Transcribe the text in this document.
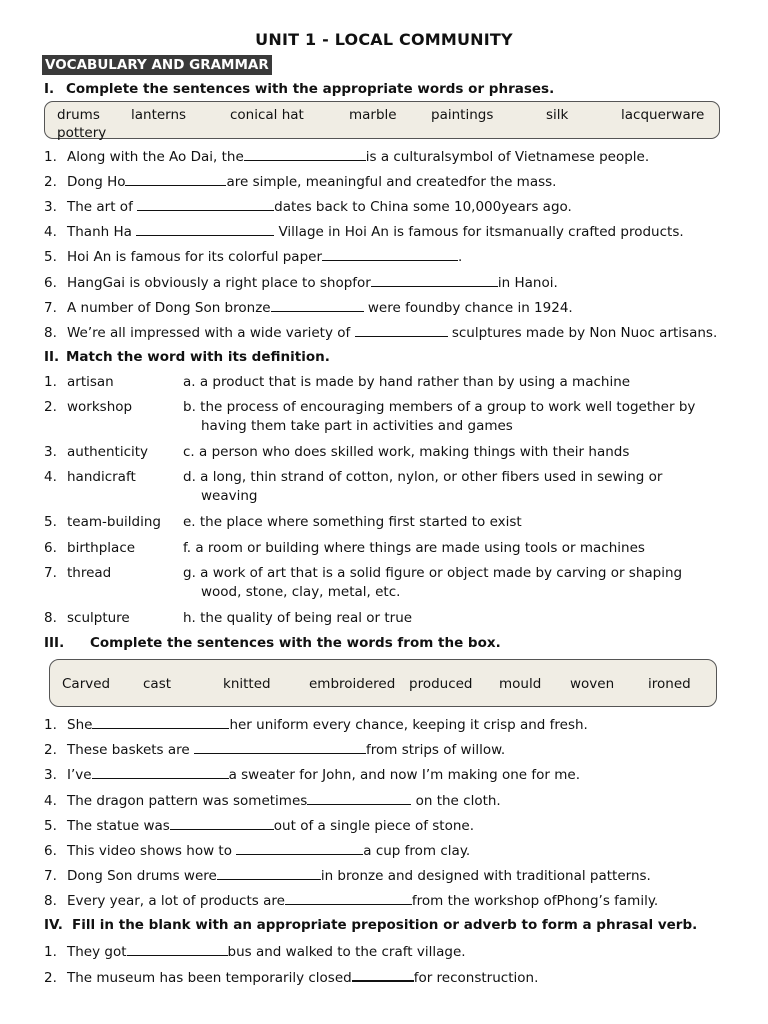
UNIT 1 - LOCAL COMMUNITY
VOCABULARY AND GRAMMAR
I. Complete the sentences with the appropriate words or phrases.
drums lanterns	conical hat	marble	paintings	silk	lacquerware
pottery
1. Along with the Ao Dai, the	is a culturalsymbol of Vietnamese people.
2. Dong Ho	are simple, meaningful and createdfor the mass.
3. The art of	dates back to China some 10,000years ago.
4. Thanh Ha	Village in Hoi An is famous for itsmanually crafted products.
5. Hoi An is famous for its colorful paper	.
6. HangGai is obviously a right place to shopfor	in Hanoi.
7. A number of Dong Son bronze	were foundby chance in 1924.
8. We’re all impressed with a wide variety of	sculptures made by Non Nuoc artisans.
II. Match the word with its definition.
1. artisan	a. a product that is made by hand rather than by using a machine
2. workshop	b. the process of encouraging members of a group to work well together by
having them take part in activities and games
3. authenticity	c. a person who does skilled work, making things with their hands
4. handicraft	d. a long, thin strand of cotton, nylon, or other fibers used in sewing or
weaving
5. team-building e. the place where something first started to exist
6. birthplace	f. a room or building where things are made using tools or machines
7. thread	g. a work of art that is a solid figure or object made by carving or shaping
wood, stone, clay, metal, etc.
8. sculpture	h. the quality of being real or true
III. Complete the sentences with the words from the box.
Carved cast	knitted	embroidered produced mould woven	ironed
1. She	her uniform every chance, keeping it crisp and fresh.
2. These baskets are	from strips of willow.
3. I’ve	a sweater for John, and now I’m making one for me.
4. The dragon pattern was sometimes	on the cloth.
5. The statue was	out of a single piece of stone.
6. This video shows how to	a cup from clay.
7. Dong Son drums were	in bronze and designed with traditional patterns.
8. Every year, a lot of products are	from the workshop ofPhong’s family.
IV. Fill in the blank with an appropriate preposition or adverb to form a phrasal verb.
1. They got	bus and walked to the craft village.
2. The museum has been temporarily closed	for reconstruction.
